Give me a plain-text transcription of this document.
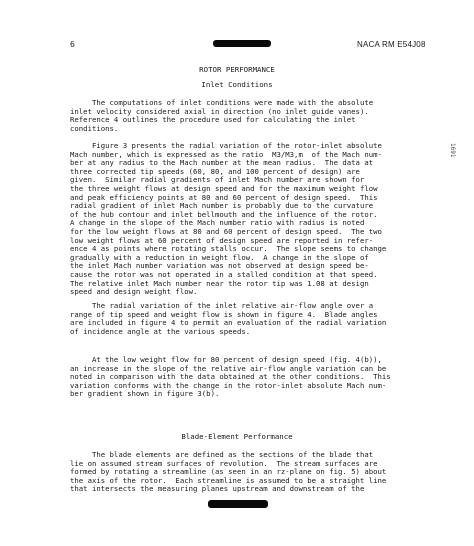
6	NACA RM E54J08
1691
ROTOR PERFORMANCE
Inlet Conditions
The computations of inlet conditions were made with the absolute
inlet velocity considered axial in direction (no inlet guide vanes).
Reference 4 outlines the procedure used for calculating the inlet
conditions.
Figure 3 presents the radial variation of the rotor-inlet absolute
Mach number, which is expressed as the ratio  M3/M3,m  of the Mach num-
ber at any radius to the Mach number at the mean radius.  The data at
three corrected tip speeds (60, 80, and 100 percent of design) are
given.  Similar radial gradients of inlet Mach number are shown for
the three weight flows at design speed and for the maximum weight flow
and peak efficiency points at 80 and 60 percent of design speed.  This
radial gradient of inlet Mach number is probably due to the curvature
of the hub contour and inlet bellmouth and the influence of the rotor.
A change in the slope of the Mach number ratio with radius is noted
for the low weight flows at 80 and 60 percent of design speed.  The two
low weight flows at 60 percent of design speed are reported in refer-
ence 4 as points where rotating stalls occur.  The slope seems to change
gradually with a reduction in weight flow.  A change in the slope of
the inlet Mach number variation was not observed at design speed be-
cause the rotor was not operated in a stalled condition at that speed.
The relative inlet Mach number near the rotor tip was 1.08 at design
speed and design weight flow.
The radial variation of the inlet relative air-flow angle over a
range of tip speed and weight flow is shown in figure 4.  Blade angles
are included in figure 4 to permit an evaluation of the radial variation
of incidence angle at the various speeds.
At the low weight flow for 80 percent of design speed (fig. 4(b)),
an increase in the slope of the relative air-flow angle variation can be
noted in comparison with the data obtained at the other conditions.  This
variation conforms with the change in the rotor-inlet absolute Mach num-
ber gradient shown in figure 3(b).
Blade-Element Performance
The blade elements are defined as the sections of the blade that
lie on assumed stream surfaces of revolution.  The stream surfaces are
formed by rotating a streamline (as seen in an rz-plane on fig. 5) about
the axis of the rotor.  Each streamline is assumed to be a straight line
that intersects the measuring planes upstream and downstream of the
